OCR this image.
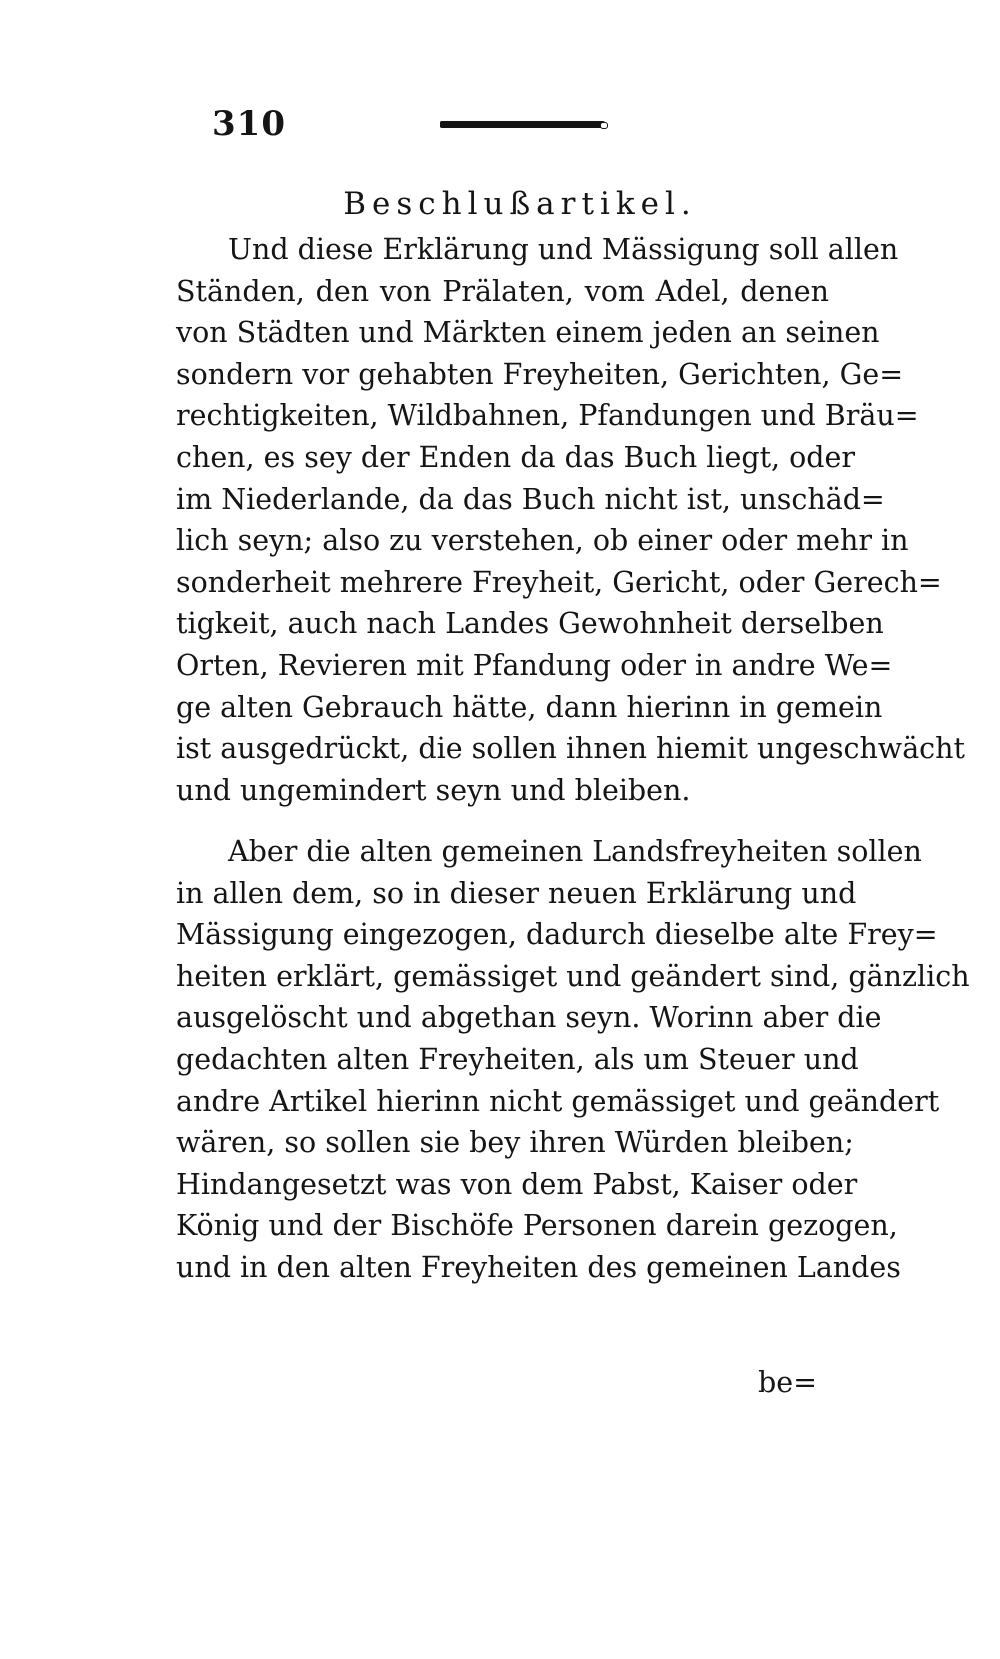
310
Beschlußartikel.
Und diese Erklärung und Mässigung soll allen
Ständen, den von Prälaten, vom Adel, denen
von Städten und Märkten einem jeden an seinen
sondern vor gehabten Freyheiten, Gerichten, Ge=
rechtigkeiten, Wildbahnen, Pfandungen und Bräu=
chen, es sey der Enden da das Buch liegt, oder
im Niederlande, da das Buch nicht ist, unschäd=
lich seyn; also zu verstehen, ob einer oder mehr in
sonderheit mehrere Freyheit, Gericht, oder Gerech=
tigkeit, auch nach Landes Gewohnheit derselben
Orten, Revieren mit Pfandung oder in andre We=
ge alten Gebrauch hätte, dann hierinn in gemein
ist ausgedrückt, die sollen ihnen hiemit ungeschwächt
und ungemindert seyn und bleiben.
Aber die alten gemeinen Landsfreyheiten sollen
in allen dem, so in dieser neuen Erklärung und
Mässigung eingezogen, dadurch dieselbe alte Frey=
heiten erklärt, gemässiget und geändert sind, gänzlich
ausgelöscht und abgethan seyn. Worinn aber die
gedachten alten Freyheiten, als um Steuer und
andre Artikel hierinn nicht gemässiget und geändert
wären, so sollen sie bey ihren Würden bleiben;
Hindangesetzt was von dem Pabst, Kaiser oder
König und der Bischöfe Personen darein gezogen,
und in den alten Freyheiten des gemeinen Landes
be=
